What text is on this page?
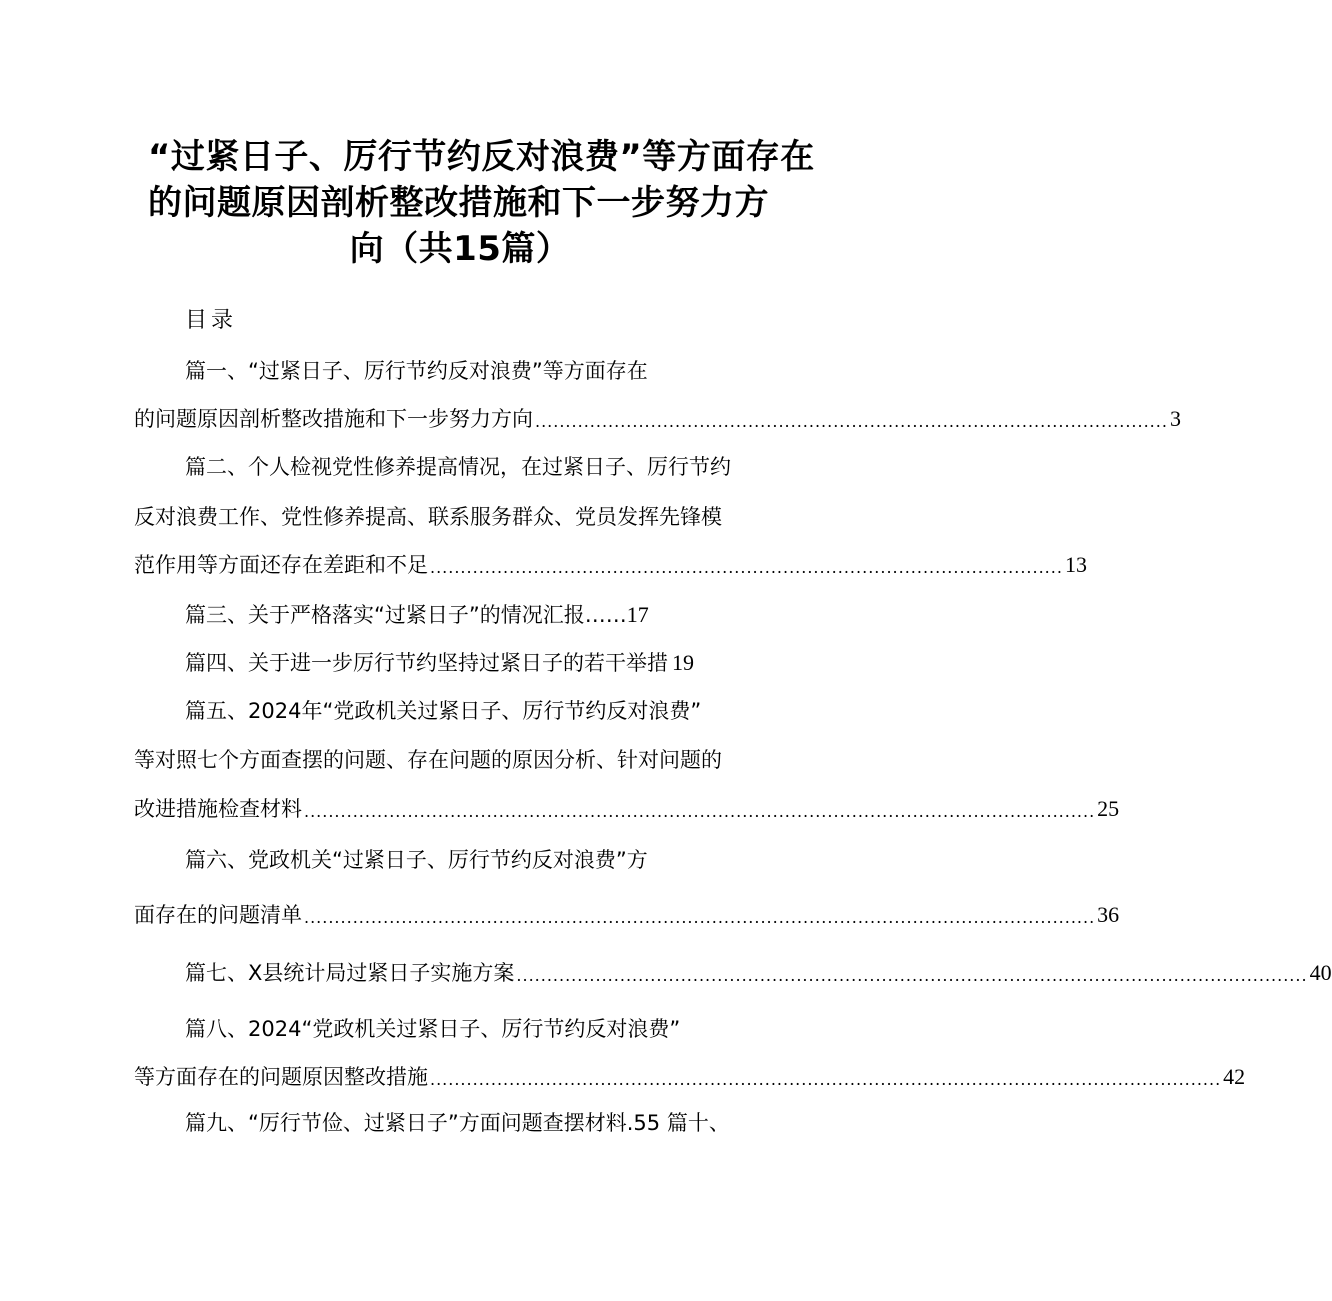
“过紧日子、厉行节约反对浪费”等方面存在
的问题原因剖析整改措施和下一步努力方
向（共15篇）
目录
篇一、“过紧日子、厉行节约反对浪费”等方面存在
的问题原因剖析整改措施和下一步努力方向 ........................................................................................................ 3
篇二、个人检视党性修养提高情况，在过紧日子、厉行节约
反对浪费工作、党性修养提高、联系服务群众、党员发挥先锋模
范作用等方面还存在差距和不足 ........................................................................................................ 13
篇三、关于严格落实“过紧日子”的情况汇报……17
篇四、关于进一步厉行节约坚持过紧日子的若干举措 19
篇五、2024年“党政机关过紧日子、厉行节约反对浪费”
等对照七个方面查摆的问题、存在问题的原因分析、针对问题的
改进措施检查材料 .................................................................................................................................. 25
篇六、党政机关“过紧日子、厉行节约反对浪费”方
面存在的问题清单 .................................................................................................................................. 36
篇七、X县统计局过紧日子实施方案 .................................................................................................................................. 40
篇八、2024“党政机关过紧日子、厉行节约反对浪费”
等方面存在的问题原因整改措施 .................................................................................................................................. 42
篇九、“厉行节俭、过紧日子”方面问题查摆材料.55 篇十、
